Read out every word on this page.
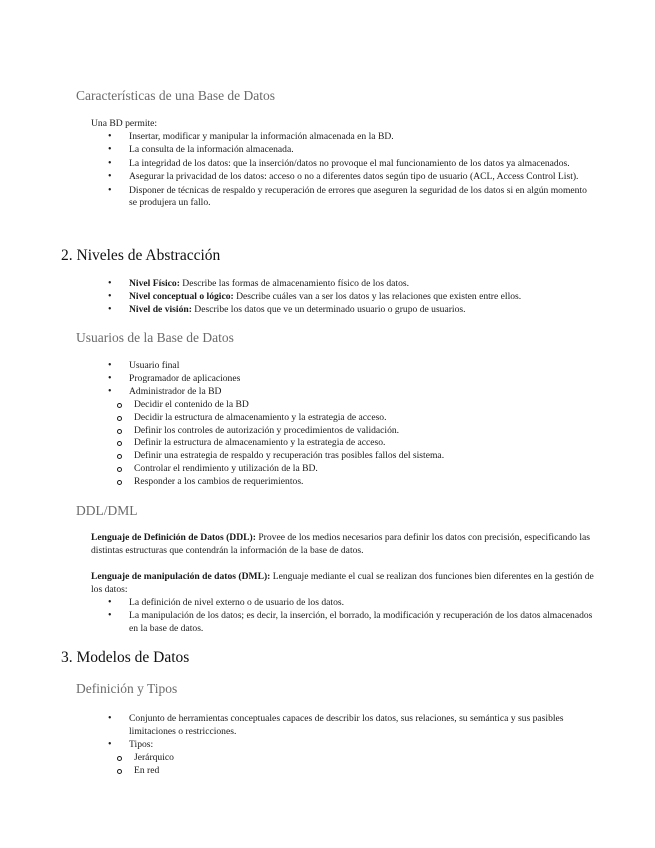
Características de una Base de Datos
Una BD permite:
• Insertar, modificar y manipular la información almacenada en la BD.
• La consulta de la información almacenada.
• La integridad de los datos: que la inserción/datos no provoque el mal funcionamiento de los datos ya almacenados.
• Asegurar la privacidad de los datos: acceso o no a diferentes datos según tipo de usuario (ACL, Access Control List).
• Disponer de técnicas de respaldo y recuperación de errores que aseguren la seguridad de los datos si en algún momento se produjera un fallo.
2. Niveles de Abstracción
• Nivel Físico: Describe las formas de almacenamiento físico de los datos.
• Nivel conceptual o lógico: Describe cuáles van a ser los datos y las relaciones que existen entre ellos.
• Nivel de visión: Describe los datos que ve un determinado usuario o grupo de usuarios.
Usuarios de la Base de Datos
• Usuario final
• Programador de aplicaciones
• Administrador de la BD
Decidir el contenido de la BD
Decidir la estructura de almacenamiento y la estrategia de acceso.
Definir los controles de autorización y procedimientos de validación.
Definir la estructura de almacenamiento y la estrategia de acceso.
Definir una estrategia de respaldo y recuperación tras posibles fallos del sistema.
Controlar el rendimiento y utilización de la BD.
Responder a los cambios de requerimientos.
DDL/DML

Lenguaje de Definición de Datos (DDL): Provee de los medios necesarios para definir los datos con precisión, especificando las distintas estructuras que contendrán la información de la base de datos.

Lenguaje de manipulación de datos (DML): Lenguaje mediante el cual se realizan dos funciones bien diferentes en la gestión de los datos:

• La definición de nivel externo o de usuario de los datos.
• La manipulación de los datos; es decir, la inserción, el borrado, la modificación y recuperación de los datos almacenados en la base de datos.
3. Modelos de Datos
Definición y Tipos
• Conjunto de herramientas conceptuales capaces de describir los datos, sus relaciones, su semántica y sus pasibles limitaciones o restricciones.
• Tipos:
Jerárquico
En red
